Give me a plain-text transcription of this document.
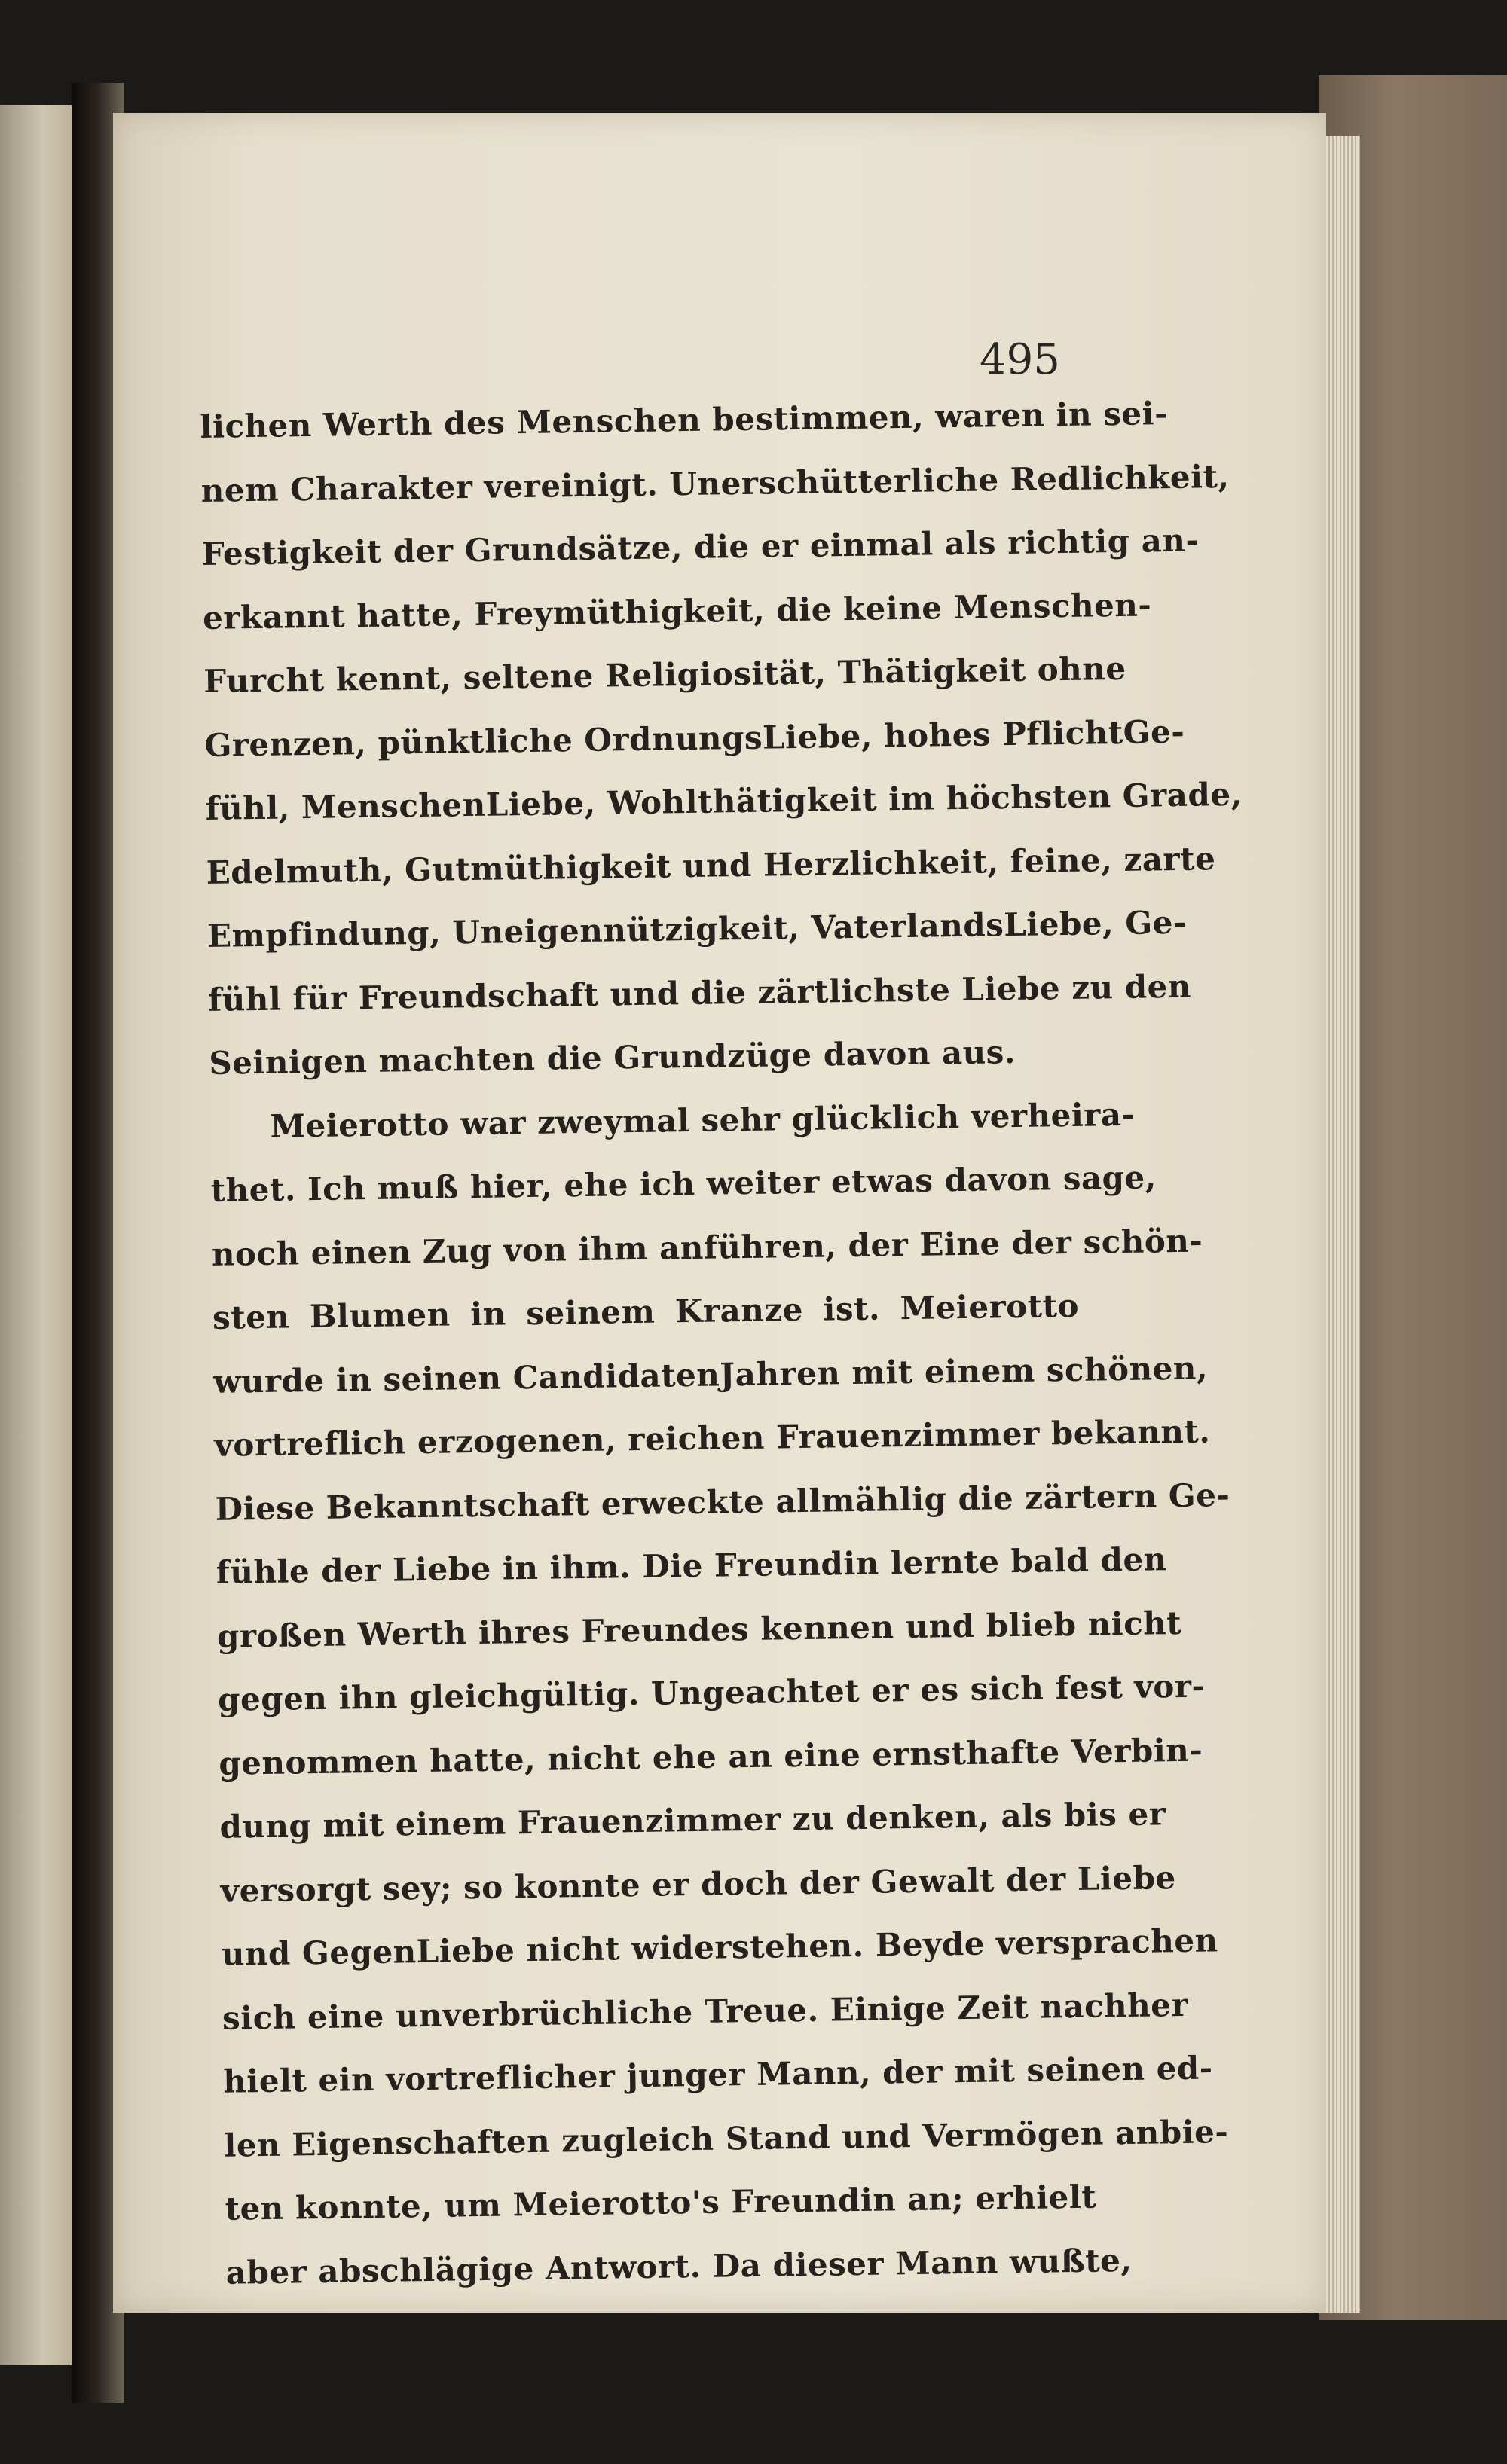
495
lichen Werth des Menschen bestimmen, waren in sei-
nem Charakter vereinigt. Unerschütterliche Redlichkeit,
Festigkeit der Grundsätze, die er einmal als richtig an-
erkannt hatte, Freymüthigkeit, die keine Menschen-
Furcht kennt, seltene Religiosität, Thätigkeit ohne
Grenzen, pünktliche OrdnungsLiebe, hohes PflichtGe-
fühl, MenschenLiebe, Wohlthätigkeit im höchsten Grade,
Edelmuth, Gutmüthigkeit und Herzlichkeit, feine, zarte
Empfindung, Uneigennützigkeit, VaterlandsLiebe, Ge-
fühl für Freundschaft und die zärtlichste Liebe zu den
Seinigen machten die Grundzüge davon aus.
Meierotto war zweymal sehr glücklich verheira-
thet. Ich muß hier, ehe ich weiter etwas davon sage,
noch einen Zug von ihm anführen, der Eine der schön-
sten Blumen in seinem Kranze ist. Meierotto
wurde in seinen CandidatenJahren mit einem schönen,
vortreflich erzogenen, reichen Frauenzimmer bekannt.
Diese Bekanntschaft erweckte allmählig die zärtern Ge-
fühle der Liebe in ihm. Die Freundin lernte bald den
großen Werth ihres Freundes kennen und blieb nicht
gegen ihn gleichgültig. Ungeachtet er es sich fest vor-
genommen hatte, nicht ehe an eine ernsthafte Verbin-
dung mit einem Frauenzimmer zu denken, als bis er
versorgt sey; so konnte er doch der Gewalt der Liebe
und GegenLiebe nicht widerstehen. Beyde versprachen
sich eine unverbrüchliche Treue. Einige Zeit nachher
hielt ein vortreflicher junger Mann, der mit seinen ed-
len Eigenschaften zugleich Stand und Vermögen anbie-
ten konnte, um Meierotto's Freundin an; erhielt
aber abschlägige Antwort. Da dieser Mann wußte,
